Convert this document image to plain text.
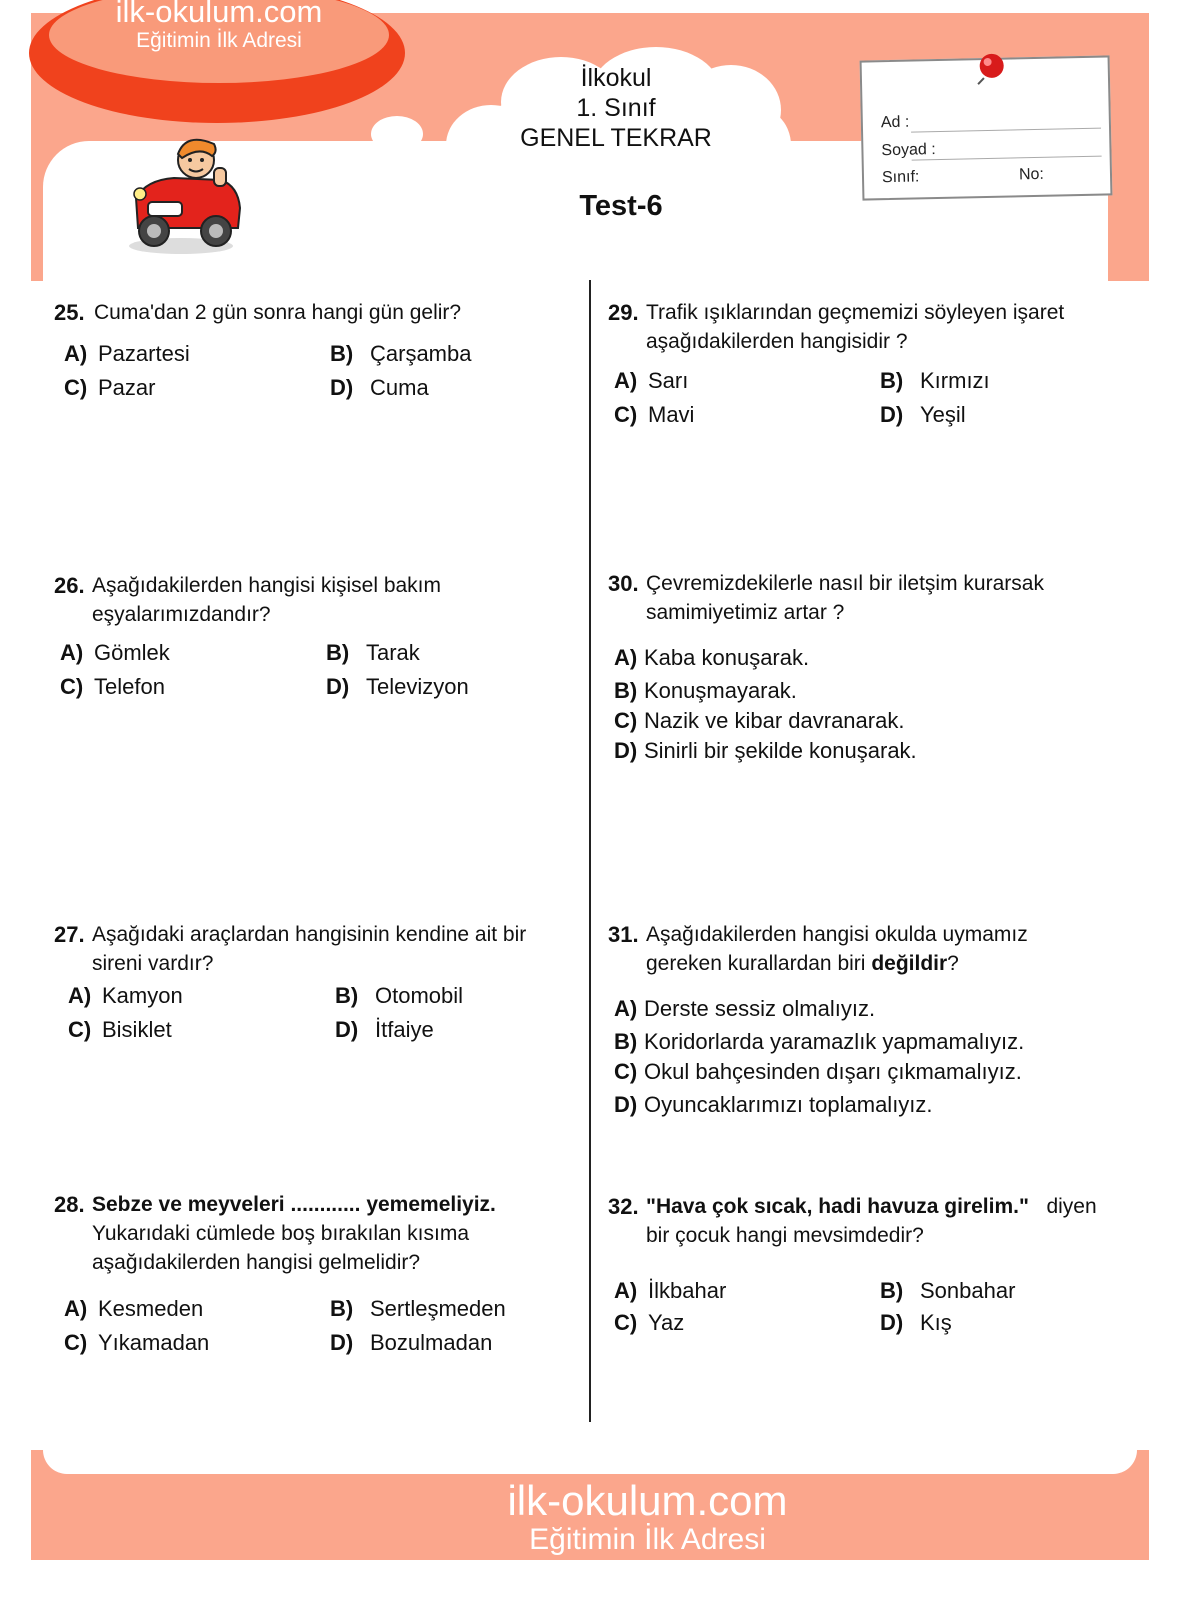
ilk-okulum.com
Eğitimin İlk Adresi
İlkokul
1. Sınıf
GENEL TEKRAR
Test-6
Ad :
Soyad :
Sınıf:	No:
25. Cuma'dan 2 gün sonra hangi gün gelir?
A) Pazartesi	B) Çarşamba
C) Pazar	D) Cuma
26. Aşağıdakilerden hangisi kişisel bakım
eşyalarımızdandır?
A) Gömlek	B) Tarak
C) Telefon	D) Televizyon
27. Aşağıdaki araçlardan hangisinin kendine ait bir
sireni vardır?
A) Kamyon	B) Otomobil
C) Bisiklet	D) İtfaiye
28. Sebze ve meyveleri ............ yememeliyiz.
Yukarıdaki cümlede boş bırakılan kısıma
aşağıdakilerden hangisi gelmelidir?
A) Kesmeden	B) Sertleşmeden
C) Yıkamadan	D) Bozulmadan
29. Trafik ışıklarından geçmemizi söyleyen işaret
aşağıdakilerden hangisidir ?
A) Sarı	B) Kırmızı
C) Mavi	D) Yeşil
30. Çevremizdekilerle nasıl bir iletşim kurarsak
samimiyetimiz artar ?
A) Kaba konuşarak.
B) Konuşmayarak.
C) Nazik ve kibar davranarak.
D) Sinirli bir şekilde konuşarak.
31. Aşağıdakilerden hangisi okulda uymamız
gereken kurallardan biri değildir?
A) Derste sessiz olmalıyız.
B) Koridorlarda yaramazlık yapmamalıyız.
C) Okul bahçesinden dışarı çıkmamalıyız.
D) Oyuncaklarımızı toplamalıyız.
32. "Hava çok sıcak, hadi havuza girelim." diyen
bir çocuk hangi mevsimdedir?
A) İlkbahar	B) Sonbahar
C) Yaz	D) Kış
ilk-okulum.com
Eğitimin İlk Adresi
